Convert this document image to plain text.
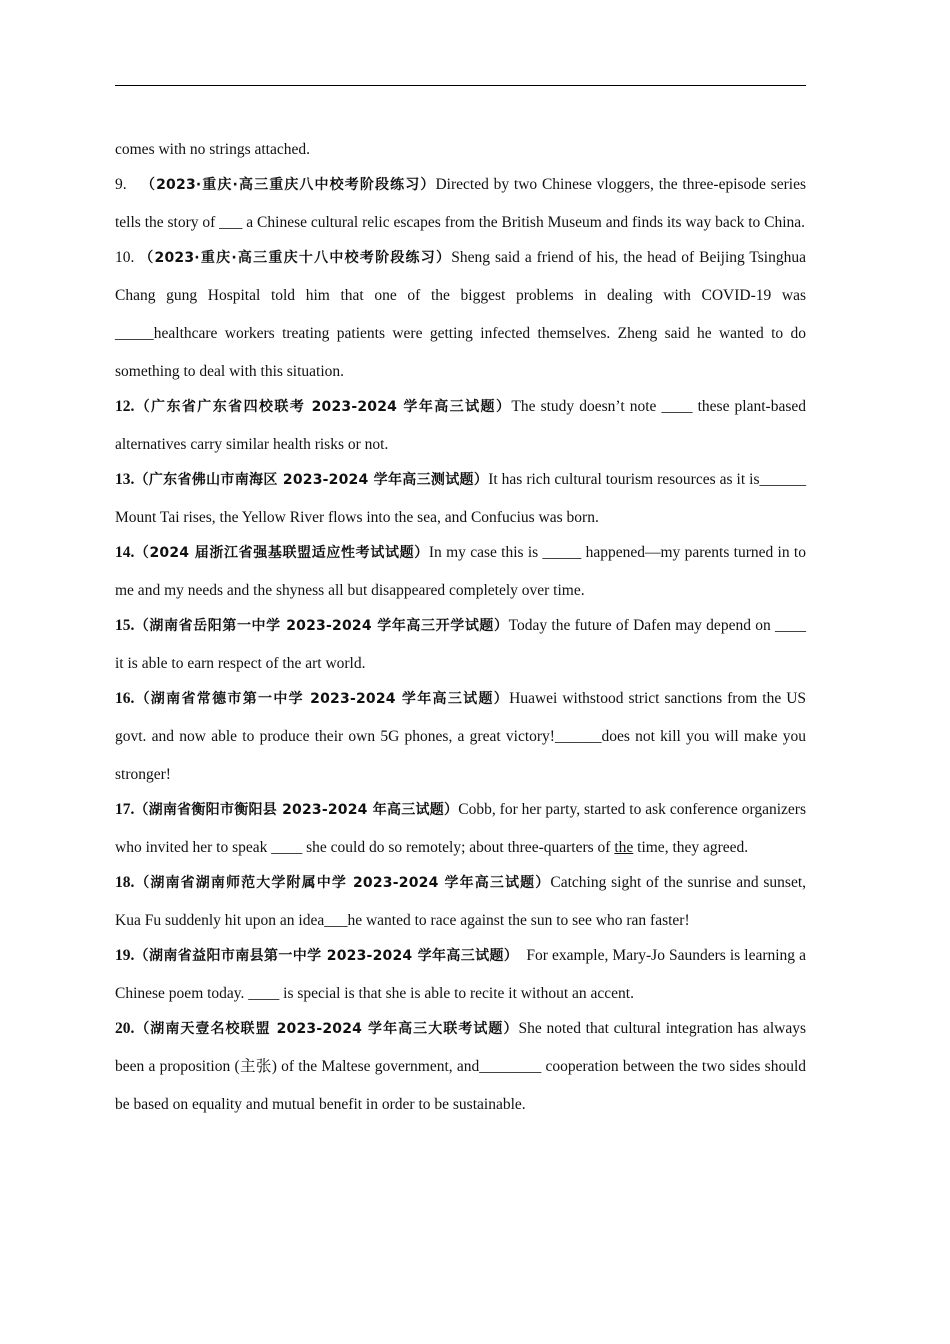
comes with no strings attached.

9. （2023·重庆·高三重庆八中校考阶段练习）Directed by two Chinese vloggers, the three-episode series tells the story of ___ a Chinese cultural relic escapes from the British Museum and finds its way back to China.

10. （2023·重庆·高三重庆十八中校考阶段练习）Sheng said a friend of his, the head of Beijing Tsinghua Chang gung Hospital told him that one of the biggest problems in dealing with COVID-19 was _____healthcare workers treating patients were getting infected themselves. Zheng said he wanted to do something to deal with this situation.

12.（广东省广东省四校联考 2023-2024 学年高三试题）The study doesn’t note ____ these plant-based alternatives carry similar health risks or not.

13.（广东省佛山市南海区 2023-2024 学年高三测试题）It has rich cultural tourism resources as it is______ Mount Tai rises, the Yellow River flows into the sea, and Confucius was born.

14.（2024 届浙江省强基联盟适应性考试试题）In my case this is _____ happened—my parents turned in to me and my needs and the shyness all but disappeared completely over time.

15.（湖南省岳阳第一中学 2023-2024 学年高三开学试题）Today the future of Dafen may depend on ____ it is able to earn respect of the art world.

16.（湖南省常德市第一中学 2023-2024 学年高三试题）Huawei withstood strict sanctions from the US govt. and now able to produce their own 5G phones, a great victory!______does not kill you will make you stronger!

17.（湖南省衡阳市衡阳县 2023-2024 年高三试题）Cobb, for her party, started to ask conference organizers who invited her to speak ____ she could do so remotely; about three-quarters of the time, they agreed.

18.（湖南省湖南师范大学附属中学 2023-2024 学年高三试题）Catching sight of the sunrise and sunset, Kua Fu suddenly hit upon an idea___he wanted to race against the sun to see who ran faster!

19.（湖南省益阳市南县第一中学 2023-2024 学年高三试题）  For example, Mary-Jo Saunders is learning a Chinese poem today. ____ is special is that she is able to recite it without an accent.

20.（湖南天壹名校联盟 2023-2024 学年高三大联考试题）She noted that cultural integration has always been a proposition (主张) of the Maltese government, and________ cooperation between the two sides should be based on equality and mutual benefit in order to be sustainable.
